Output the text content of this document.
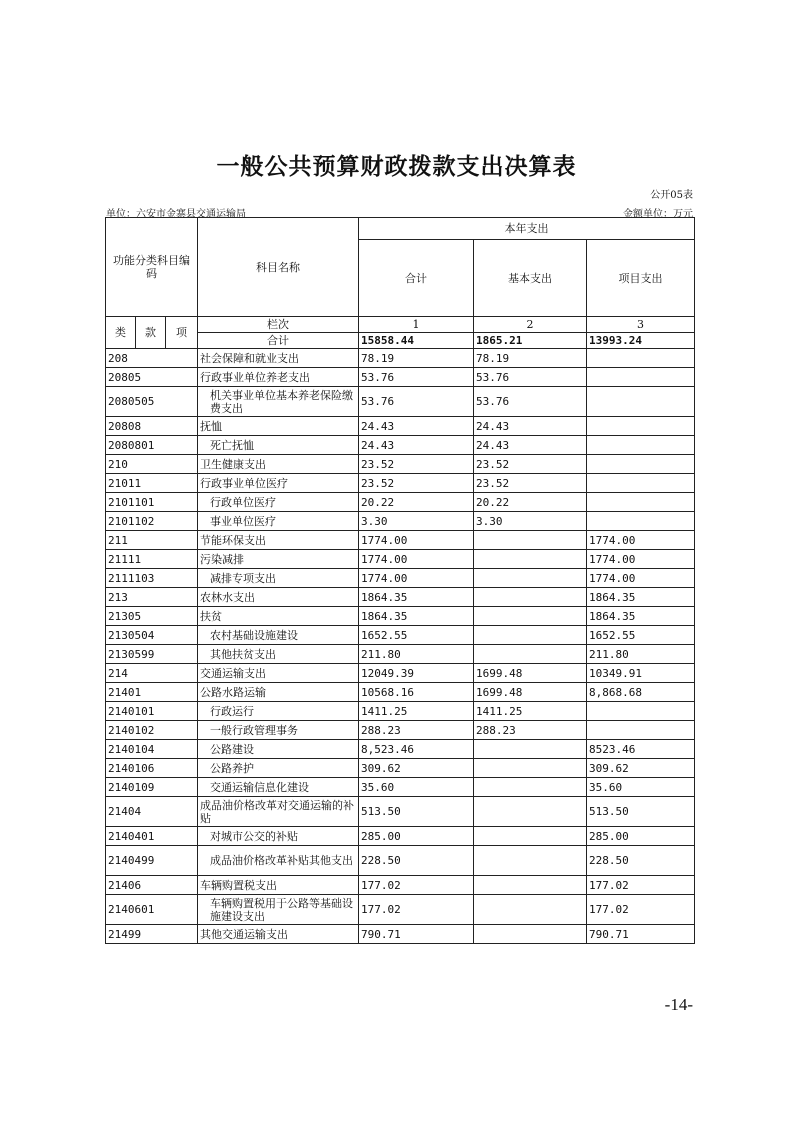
一般公共预算财政拨款支出决算表
公开05表
单位：六安市金寨县交通运输局	金额单位：万元
功能分类科目编码			科目名称	本年支出		
				合计	基本支出	项目支出
类	款	项	栏次	1	2	3
			合计	15858.44	1865.21	13993.24
208			社会保障和就业支出	78.19	78.19	
20805			行政事业单位养老支出	53.76	53.76	
2080505			机关事业单位基本养老保险缴费支出	53.76	53.76	
20808			抚恤	24.43	24.43	
2080801			死亡抚恤	24.43	24.43	
210			卫生健康支出	23.52	23.52	
21011			行政事业单位医疗	23.52	23.52	
2101101			行政单位医疗	20.22	20.22	
2101102			事业单位医疗	3.30	3.30	
211			节能环保支出	1774.00		1774.00
21111			污染减排	1774.00		1774.00
2111103			减排专项支出	1774.00		1774.00
213			农林水支出	1864.35		1864.35
21305			扶贫	1864.35		1864.35
2130504			农村基础设施建设	1652.55		1652.55
2130599			其他扶贫支出	211.80		211.80
214			交通运输支出	12049.39	1699.48	10349.91
21401			公路水路运输	10568.16	1699.48	8,868.68
2140101			行政运行	1411.25	1411.25	
2140102			一般行政管理事务	288.23	288.23	
2140104			公路建设	8,523.46		8523.46
2140106			公路养护	309.62		309.62
2140109			交通运输信息化建设	35.60		35.60
21404			成品油价格改革对交通运输的补贴	513.50		513.50
2140401			对城市公交的补贴	285.00		285.00
2140499			成品油价格改革补贴其他支出	228.50		228.50
21406			车辆购置税支出	177.02		177.02
2140601			车辆购置税用于公路等基础设施建设支出	177.02		177.02
21499			其他交通运输支出	790.71		790.71
-14-
